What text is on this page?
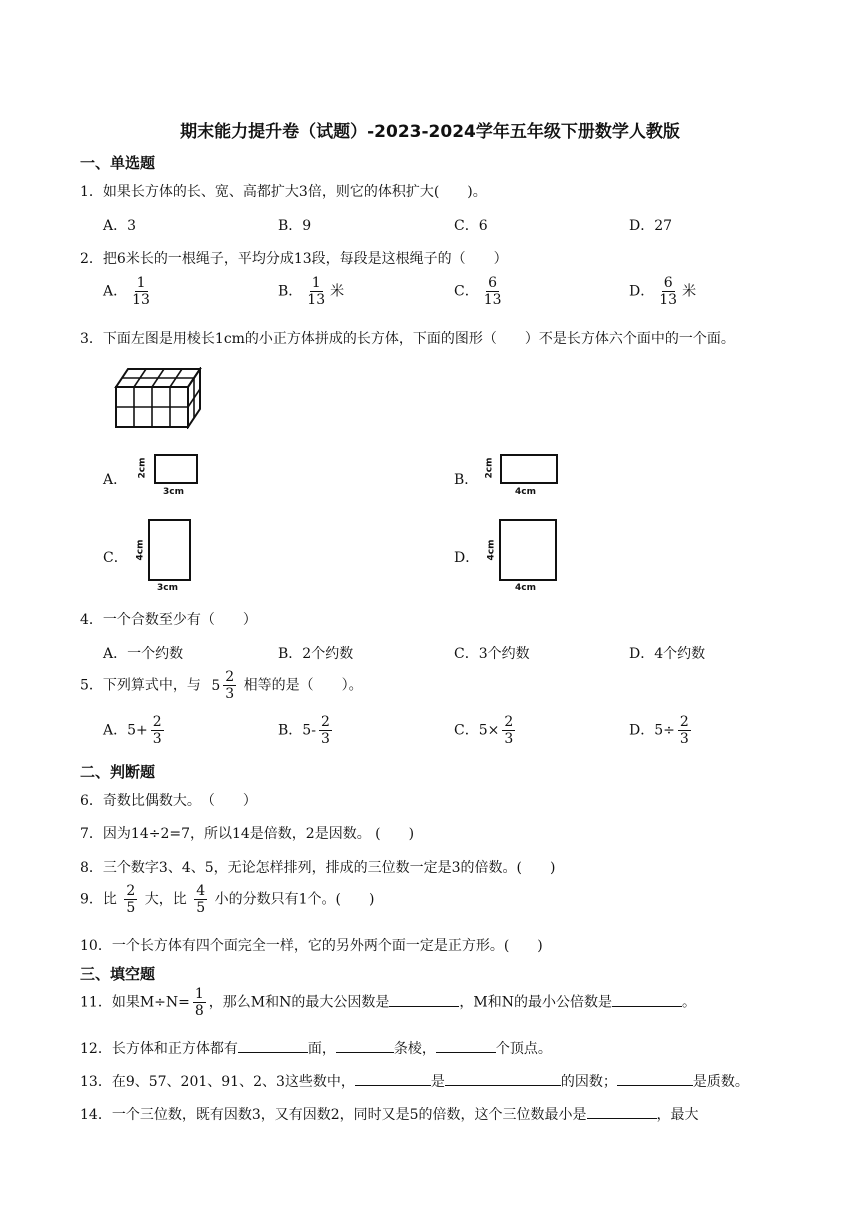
期末能力提升卷（试题）-2023-2024学年五年级下册数学人教版
一、单选题
1．如果长方体的长、宽、高都扩大3倍，则它的体积扩大(　　)。
A．3	B．9	C．6	D．27
2．把6米长的一根绳子，平均分成13段，每段是这根绳子的（　　）
A． $\frac{1}{13}$	B． $\frac{1}{13}$ 米	C． $\frac{6}{13}$	D． $\frac{6}{13}$ 米
3．下面左图是用棱长1cm的小正方体拼成的长方体，下面的图形（　　）不是长方体六个面中的一个面。
A．
2cm
3cm
B．
2cm
4cm
C． 4cm
3cm
D． 4cm
4cm
4．一个合数至少有（　　）
A．一个约数	B．2个约数	C．3个约数	D．4个约数
5．下列算式中，与 $5 \frac{2}{3}$ 相等的是（　　）。
A．$5+ \frac{2}{3}$	B．$5- \frac{2}{3}$	C．$5\times \frac{2}{3}$	D．$5\div \frac{2}{3}$
二、判断题
6．奇数比偶数大。　（　　）
7．因为14÷2=7，所以14是倍数，2是因数。 (　　)
8．三个数字3、4、5，无论怎样排列，排成的三位数一定是3的倍数。(　　)
9．比 $\frac{2}{5}$ 大，比 $\frac{4}{5}$ 小的分数只有1个。(　　)
10．一个长方体有四个面完全一样，它的另外两个面一定是正方形。(　　)
三、填空题
11．如果$M\div N= \frac{1}{8}$ ，那么M和N的最大公因数是	，M和N的最小公倍数是	。
12．长方体和正方体都有	面，	条棱，	个顶点。
13．在9、57、201、91、2、3这些数中，	是	的因数；	是质数。
14．一个三位数，既有因数3，又有因数2，同时又是5的倍数，这个三位数最小是	，最大
